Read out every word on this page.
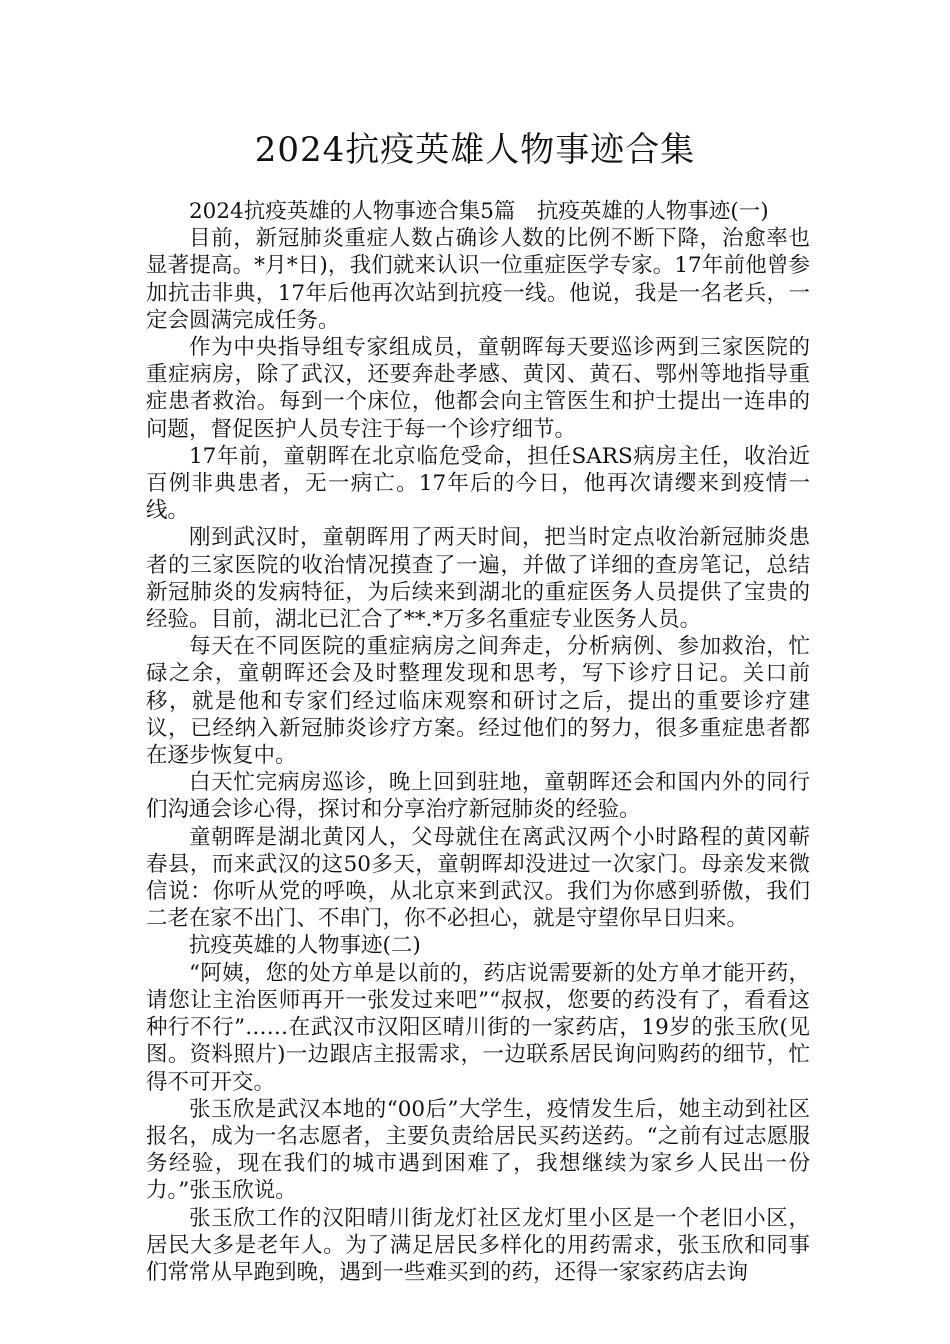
2024抗疫英雄人物事迹合集

2024抗疫英雄的人物事迹合集5篇　抗疫英雄的人物事迹(一)

目前，新冠肺炎重症人数占确诊人数的比例不断下降，治愈率也显著提高。*月*日)，我们就来认识一位重症医学专家。17年前他曾参加抗击非典，17年后他再次站到抗疫一线。他说，我是一名老兵，一定会圆满完成任务。

作为中央指导组专家组成员，童朝晖每天要巡诊两到三家医院的重症病房，除了武汉，还要奔赴孝感、黄冈、黄石、鄂州等地指导重症患者救治。每到一个床位，他都会向主管医生和护士提出一连串的问题，督促医护人员专注于每一个诊疗细节。

17年前，童朝晖在北京临危受命，担任SARS病房主任，收治近百例非典患者，无一病亡。17年后的今日，他再次请缨来到疫情一线。

刚到武汉时，童朝晖用了两天时间，把当时定点收治新冠肺炎患者的三家医院的收治情况摸查了一遍，并做了详细的查房笔记，总结新冠肺炎的发病特征，为后续来到湖北的重症医务人员提供了宝贵的经验。目前，湖北已汇合了**.*万多名重症专业医务人员。

每天在不同医院的重症病房之间奔走，分析病例、参加救治，忙碌之余，童朝晖还会及时整理发现和思考，写下诊疗日记。关口前移，就是他和专家们经过临床观察和研讨之后，提出的重要诊疗建议，已经纳入新冠肺炎诊疗方案。经过他们的努力，很多重症患者都在逐步恢复中。

白天忙完病房巡诊，晚上回到驻地，童朝晖还会和国内外的同行们沟通会诊心得，探讨和分享治疗新冠肺炎的经验。

童朝晖是湖北黄冈人，父母就住在离武汉两个小时路程的黄冈蕲春县，而来武汉的这50多天，童朝晖却没进过一次家门。母亲发来微信说：你听从党的呼唤，从北京来到武汉。我们为你感到骄傲，我们二老在家不出门、不串门，你不必担心，就是守望你早日归来。

抗疫英雄的人物事迹(二)

“阿姨，您的处方单是以前的，药店说需要新的处方单才能开药，请您让主治医师再开一张发过来吧”“叔叔，您要的药没有了，看看这种行不行”……在武汉市汉阳区晴川街的一家药店，19岁的张玉欣(见图。资料照片)一边跟店主报需求，一边联系居民询问购药的细节，忙得不可开交。

张玉欣是武汉本地的“00后”大学生，疫情发生后，她主动到社区报名，成为一名志愿者，主要负责给居民买药送药。“之前有过志愿服务经验，现在我们的城市遇到困难了，我想继续为家乡人民出一份力。”张玉欣说。

张玉欣工作的汉阳晴川街龙灯社区龙灯里小区是一个老旧小区，居民大多是老年人。为了满足居民多样化的用药需求，张玉欣和同事们常常从早跑到晚，遇到一些难买到的药，还得一家家药店去询
